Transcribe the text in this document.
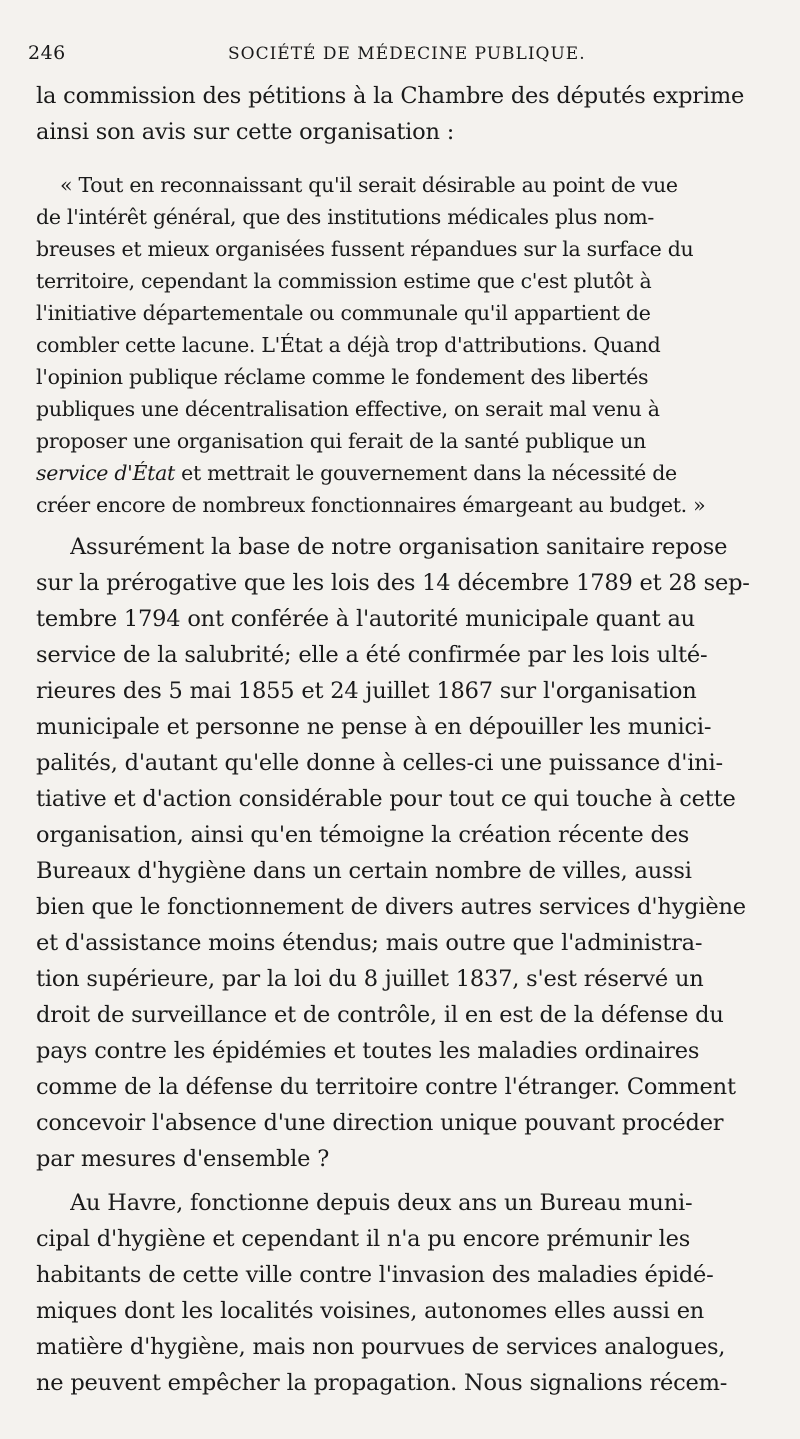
246	SOCIÉTÉ DE MÉDECINE PUBLIQUE.
la commission des pétitions à la Chambre des députés exprime
ainsi son avis sur cette organisation :
« Tout en reconnaissant qu'il serait désirable au point de vue
de l'intérêt général, que des institutions médicales plus nom-
breuses et mieux organisées fussent répandues sur la surface du
territoire, cependant la commission estime que c'est plutôt à
l'initiative départementale ou communale qu'il appartient de
combler cette lacune. L'État a déjà trop d'attributions. Quand
l'opinion publique réclame comme le fondement des libertés
publiques une décentralisation effective, on serait mal venu à
proposer une organisation qui ferait de la santé publique un
service d'État et mettrait le gouvernement dans la nécessité de
créer encore de nombreux fonctionnaires émargeant au budget. »
Assurément la base de notre organisation sanitaire repose
sur la prérogative que les lois des 14 décembre 1789 et 28 sep-
tembre 1794 ont conférée à l'autorité municipale quant au
service de la salubrité; elle a été confirmée par les lois ulté-
rieures des 5 mai 1855 et 24 juillet 1867 sur l'organisation
municipale et personne ne pense à en dépouiller les munici-
palités, d'autant qu'elle donne à celles-ci une puissance d'ini-
tiative et d'action considérable pour tout ce qui touche à cette
organisation, ainsi qu'en témoigne la création récente des
Bureaux d'hygiène dans un certain nombre de villes, aussi
bien que le fonctionnement de divers autres services d'hygiène
et d'assistance moins étendus; mais outre que l'administra-
tion supérieure, par la loi du 8 juillet 1837, s'est réservé un
droit de surveillance et de contrôle, il en est de la défense du
pays contre les épidémies et toutes les maladies ordinaires
comme de la défense du territoire contre l'étranger. Comment
concevoir l'absence d'une direction unique pouvant procéder
par mesures d'ensemble ?
Au Havre, fonctionne depuis deux ans un Bureau muni-
cipal d'hygiène et cependant il n'a pu encore prémunir les
habitants de cette ville contre l'invasion des maladies épidé-
miques dont les localités voisines, autonomes elles aussi en
matière d'hygiène, mais non pourvues de services analogues,
ne peuvent empêcher la propagation. Nous signalions récem-
